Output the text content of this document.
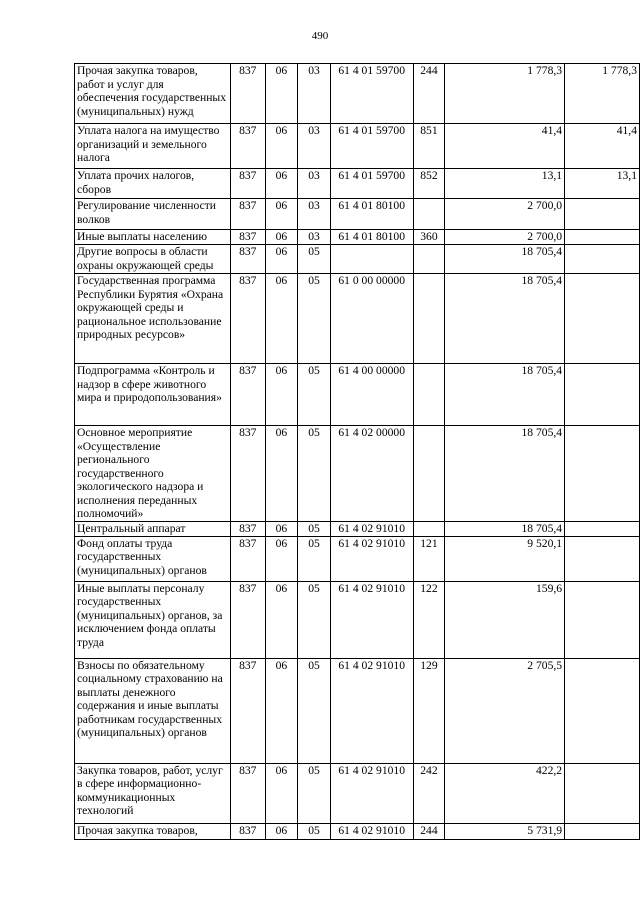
490
Прочая закупка товаров, работ и услуг для обеспечения государственных (муниципальных) нужд	837	06	03	61 4 01 59700	244	1 778,3	1 778,3
Уплата налога на имущество организаций и земельного налога	837	06	03	61 4 01 59700	851	41,4	41,4
Уплата прочих налогов, сборов	837	06	03	61 4 01 59700	852	13,1	13,1
Регулирование численности волков	837	06	03	61 4 01 80100		2 700,0	
Иные выплаты населению	837	06	03	61 4 01 80100	360	2 700,0	
Другие вопросы в области охраны окружающей среды	837	06	05			18 705,4	
Государственная программа Республики Бурятия «Охрана окружающей среды и рациональное использование природных ресурсов»	837	06	05	61 0 00 00000		18 705,4	
Подпрограмма «Контроль и надзор в сфере животного мира и природопользования»	837	06	05	61 4 00 00000		18 705,4	
Основное мероприятие «Осуществление регионального государственного экологического надзора и исполнения переданных полномочий»	837	06	05	61 4 02 00000		18 705,4	
Центральный аппарат	837	06	05	61 4 02 91010		18 705,4	
Фонд оплаты труда государственных (муниципальных) органов	837	06	05	61 4 02 91010	121	9 520,1	
Иные выплаты персоналу государственных (муниципальных) органов, за исключением фонда оплаты труда	837	06	05	61 4 02 91010	122	159,6	
Взносы по обязательному социальному страхованию на выплаты денежного содержания и иные выплаты работникам государственных (муниципальных) органов	837	06	05	61 4 02 91010	129	2 705,5	
Закупка товаров, работ, услуг в сфере информационно-коммуникационных технологий	837	06	05	61 4 02 91010	242	422,2	
Прочая закупка товаров,	837	06	05	61 4 02 91010	244	5 731,9	
